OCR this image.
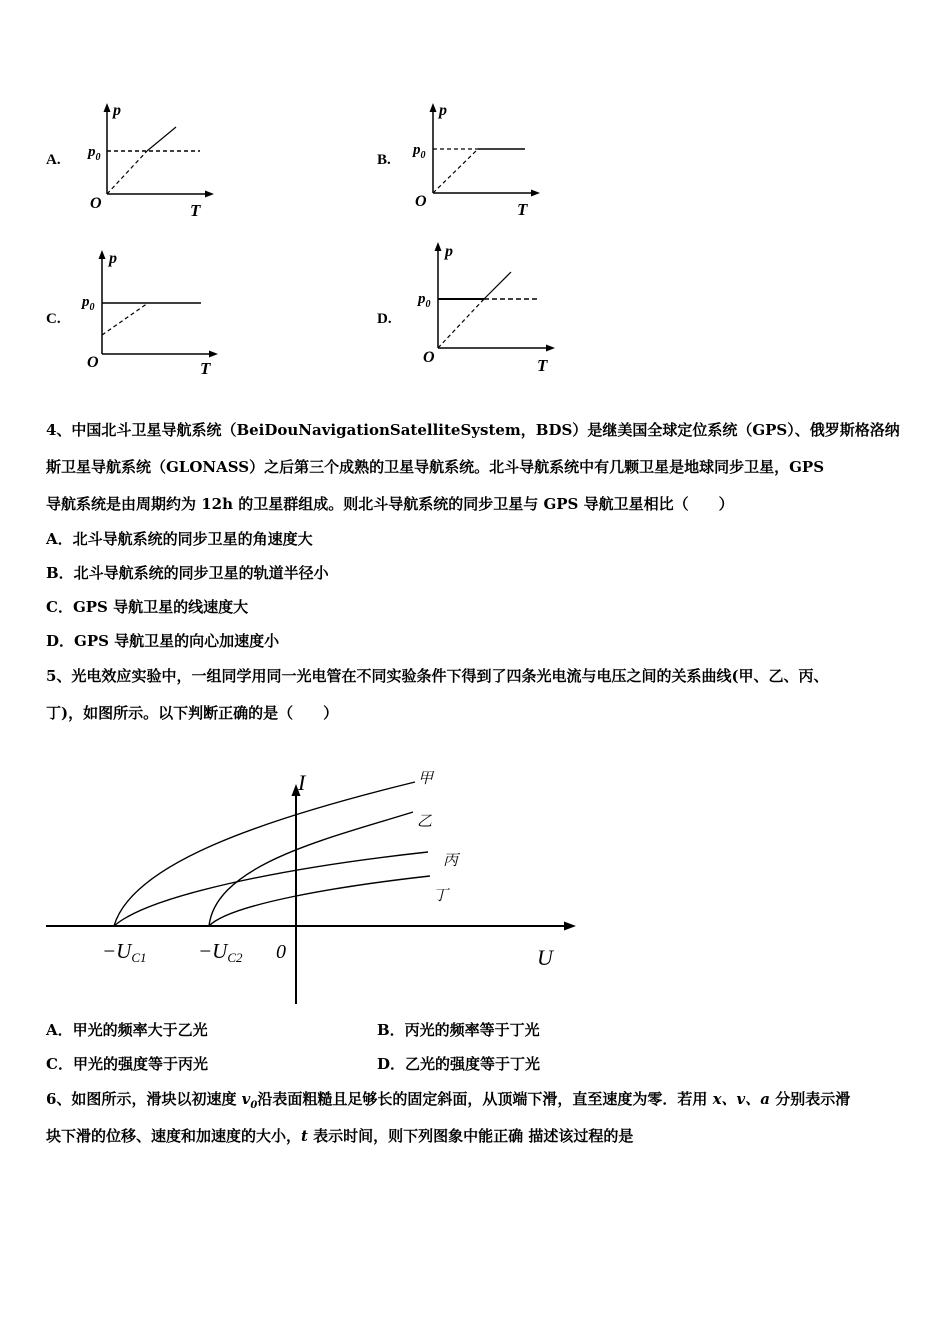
A.
p
$p_0$
O	T
B.
p
$p_0$
O	T
C.
p
$p_0$
O	T
D.
p
$p_0$
O	T
4、中国北斗卫星导航系统（BeiDouNavigationSatelliteSystem，BDS）是继美国全球定位系统（GPS）、俄罗斯格洛纳
斯卫星导航系统（GLONASS）之后第三个成熟的卫星导航系统。北斗导航系统中有几颗卫星是地球同步卫星，GPS
导航系统是由周期约为 12h 的卫星群组成。则北斗导航系统的同步卫星与 GPS 导航卫星相比（　　）
A．北斗导航系统的同步卫星的角速度大
B．北斗导航系统的同步卫星的轨道半径小
C．GPS 导航卫星的线速度大
D．GPS 导航卫星的向心加速度小
5、光电效应实验中，一组同学用同一光电管在不同实验条件下得到了四条光电流与电压之间的关系曲线(甲、乙、丙、
丁)，如图所示。以下判断正确的是（　　）
I
U
0
−UC1 −UC2
甲
乙
丙
丁
A．甲光的频率大于乙光	B．丙光的频率等于丁光
C．甲光的强度等于丙光	D．乙光的强度等于丁光
6、如图所示，滑块以初速度 $v_0$沿表面粗糙且足够长的固定斜面，从顶端下滑，直至速度为零．若用 x、v、a 分别表示滑
块下滑的位移、速度和加速度的大小，t 表示时间，则下列图象中能正确 描述该过程的是
